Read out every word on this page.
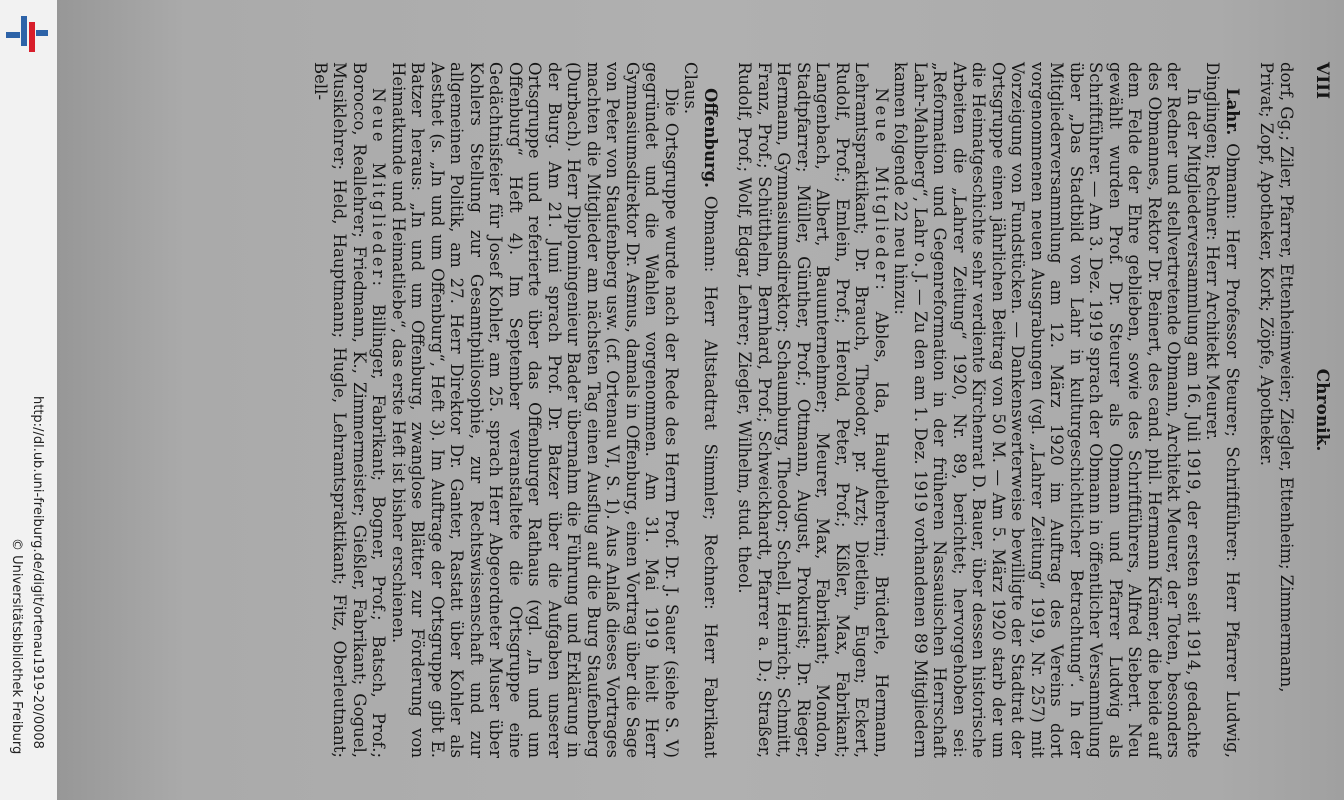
http://dl.ub.uni-freiburg.de/digit/ortenau1919-20/0008
© Universitätsbibliothek Freiburg
VIII
Chronik.

dorf, Gg.; Ziler, Pfarrer, Ettenheimweier; Ziegler, Ettenheim; Zimmermann,

Privat; Zopf, Apotheker, Kork; Zöpfe, Apotheker.

Lahr.Obmann: Herr Professor Steurer; Schriftführer: Herr Pfarrer Ludwig, Dinglingen; Rechner: Herr Architekt Meurer.

In der Mitgliederversammlung am 16. Juli 1919, der ersten seit 1914, gedachte der Redner und stellvertretende Obmann, Architekt Meurer, der Toten, besonders des Obmannes, Rektor Dr. Beinert, des cand. phil. Hermann Krämer, die beide auf dem Felde der Ehre geblieben, sowie des Schriftführers, Alfred Siebert. Neu gewählt wurden Prof. Dr. Steurer als Obmann und Pfarrer Ludwig als Schriftführer. — Am 3. Dez. 1919 sprach der Obmann in öffentlicher Versammlung über „Das Stadtbild von Lahr in kulturgeschichtlicher Betrachtung“. In der Mitgliederversammlung am 12. März 1920 im Auftrag des Vereins dort vorgenommenen neuen Ausgrabungen (vgl. „Lahrer Zeitung“ 1919, Nr. 257) mit Vorzeigung von Fundstücken. — Dankenswerterweise bewilligte der Stadtrat der Ortsgruppe einen jährlichen Beitrag von 50 M. — Am 5. März 1920 starb der um die Heimatgeschichte sehr verdiente Kirchenrat D. Bauer, über dessen historische Arbeiten die „Lahrer Zeitung“ 1920, Nr. 89, berichtet; hervorgehoben sei: „Reformation und Gegenreformation in der früheren Nassauischen Herrschaft Lahr-Mahlberg“, Lahr o. J. — Zu den am 1. Dez. 1919 vorhandenen 89 Mitgliedern kamen folgende 22 neu hinzu:

Neue Mitglieder: Ables, Ida, Hauptlehrerin; Brüderle, Hermann, Lehramtspraktikant; Dr. Brauch, Theodor, pr. Arzt; Dietlein, Eugen; Eckert, Rudolf, Prof.; Emlein, Prof.; Herold, Peter, Prof.; Kißler, Max, Fabrikant; Langenbach, Albert, Bauunternehmer; Meurer, Max, Fabrikant; Mondon, Stadtpfarrer; Müller, Günther, Prof.; Ottmann, August, Prokurist; Dr. Rieger, Hermann, Gymnasiumsdirektor; Schaumburg, Theodor; Schell, Heinrich; Schmitt, Franz, Prof.; Schütthelm, Bernhard, Prof.; Schweickhardt, Pfarrer a. D.; Straßer, Rudolf, Prof.; Wolf, Edgar, Lehrer; Ziegler, Wilhelm, stud. theol.

Offenburg.Obmann: Herr Altstadtrat Simmler; Rechner: Herr Fabrikant Claus.

Die Ortsgruppe wurde nach der Rede des Herrn Prof. Dr. J. Sauer (siehe S. V) gegründet und die Wahlen vorgenommen. Am 31. Mai 1919 hielt Herr Gymnasiumsdirektor Dr. Asmus, damals in Offenburg, einen Vortrag über die Sage von Peter von Staufenberg usw. (cf. Ortenau VI, S. 1). Aus Anlaß dieses Vortrages machten die Mitglieder am nächsten Tag einen Ausflug auf die Burg Staufenberg (Durbach). Herr Diplomingenieur Bader übernahm die Führung und Erklärung in der Burg. Am 21. Juni sprach Prof. Dr. Batzer über die Aufgaben unserer Ortsgruppe und referierte über das Offenburger Rathaus (vgl. „In und um Offenburg“ Heft 4). Im September veranstaltete die Ortsgruppe eine Gedächtnisfeier für Josef Kohler, am 25. sprach Herr Abgeordneter Muser über Kohlers Stellung zur Gesamtphilosophie, zur Rechtswissenschaft und zur allgemeinen Politik, am 27. Herr Direktor Dr. Ganter, Rastatt über Kohler als Aesthet (s. „In und um Offenburg“, Heft 3). Im Auftrage der Ortsgruppe gibt E. Batzer heraus: „In und um Offenburg, zwanglose Blätter zur Förderung von Heimatkunde und Heimatliebe“, das erste Heft ist bisher erschienen.

Neue Mitglieder: Billinger, Fabrikant; Bogner, Prof.; Batsch, Prof.; Borocco, Reallehrer; Friedmann, K., Zimmermeister; Gießler, Fabrikant; Goguel, Musiklehrer; Held, Hauptmann; Hugle, Lehramtspraktikant; Fitz, Oberleutnant; Bell-
